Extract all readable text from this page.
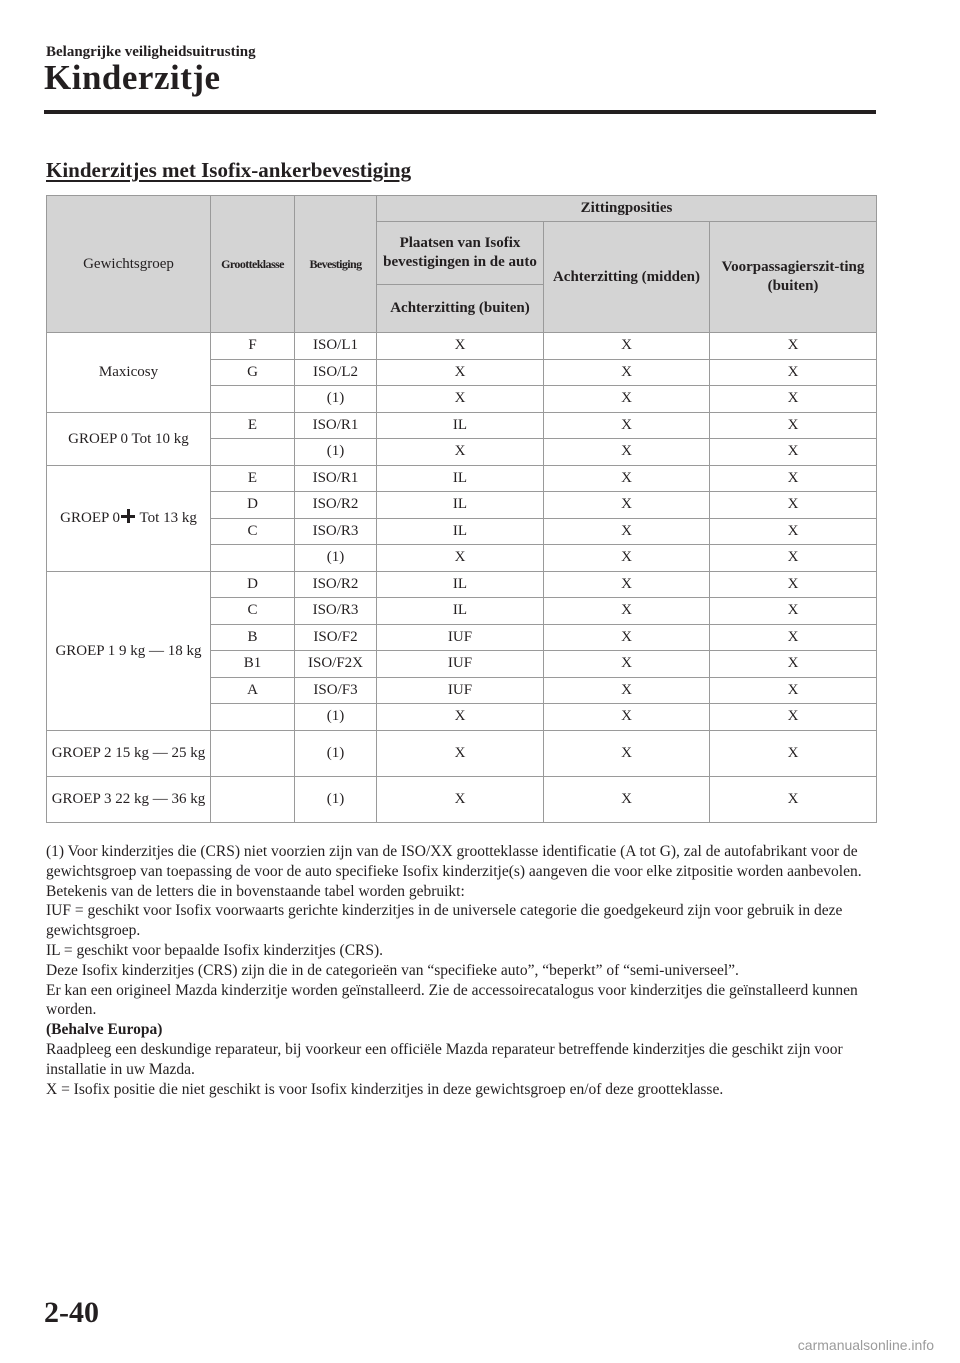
Belangrijke veiligheidsuitrusting
Kinderzitje
Kinderzitjes met Isofix-ankerbevestiging
Gewichtsgroep	Grootteklasse	Bevestiging	Zittingposities		
			Plaatsen van Isofix bevestigingen in de auto	Achterzitting (midden)	Voorpassagierszit-ting (buiten)
			Achterzitting (buiten)		
Maxicosy	F	ISO/L1	X	X	X
	G	ISO/L2	X	X	X
		(1)	X	X	X
GROEP 0 Tot 10 kg	E	ISO/R1	IL	X	X
		(1)	X	X	X
GROEP 0 Tot 13 kg	E	ISO/R1	IL	X	X
	D	ISO/R2	IL	X	X
	C	ISO/R3	IL	X	X
		(1)	X	X	X
GROEP 1 9 kg ― 18 kg	D	ISO/R2	IL	X	X
	C	ISO/R3	IL	X	X
	B	ISO/F2	IUF	X	X
	B1	ISO/F2X	IUF	X	X
	A	ISO/F3	IUF	X	X
		(1)	X	X	X
GROEP 2 15 kg ― 25 kg		(1)	X	X	X
GROEP 3 22 kg ― 36 kg		(1)	X	X	X

(1) Voor kinderzitjes die (CRS) niet voorzien zijn van de ISO/XX grootteklasse identificatie (A tot G), zal de autofabrikant voor de gewichtsgroep van toepassing de voor de auto specifieke Isofix kinderzitje(s) aangeven die voor elke zitpositie worden aanbevolen.

Betekenis van de letters die in bovenstaande tabel worden gebruikt:

IUF = geschikt voor Isofix voorwaarts gerichte kinderzitjes in de universele categorie die goedgekeurd zijn voor gebruik in deze gewichtsgroep.

IL = geschikt voor bepaalde Isofix kinderzitjes (CRS).

Deze Isofix kinderzitjes (CRS) zijn die in de categorieën van “specifieke auto”, “beperkt” of “semi-universeel”.

Er kan een origineel Mazda kinderzitje worden geïnstalleerd. Zie de accessoirecatalogus voor kinderzitjes die geïnstalleerd kunnen worden.

(Behalve Europa)

Raadpleeg een deskundige reparateur, bij voorkeur een officiële Mazda reparateur betreffende kinderzitjes die geschikt zijn voor installatie in uw Mazda.

X = Isofix positie die niet geschikt is voor Isofix kinderzitjes in deze gewichtsgroep en/of deze grootteklasse.

2-40
carmanualsonline.info
